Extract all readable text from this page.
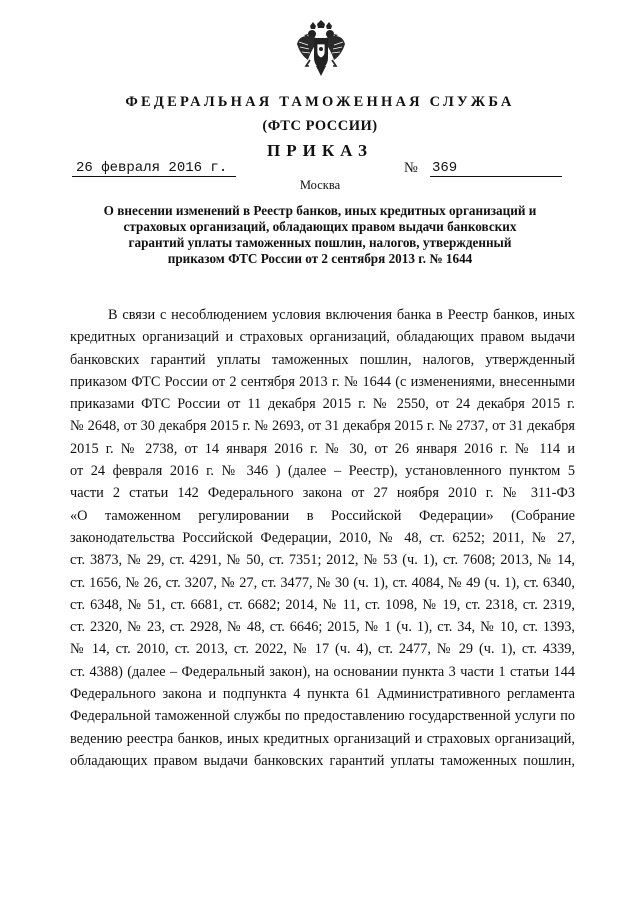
ФЕДЕРАЛЬНАЯ ТАМОЖЕННАЯ СЛУЖБА
(ФТС РОССИИ)
ПРИКАЗ
26 февраля 2016 г.	№ 369
Москва
О внесении изменений в Реестр банков, иных кредитных организаций и страховых организаций, обладающих правом выдачи банковских гарантий уплаты таможенных пошлин, налогов, утвержденный приказом ФТС России от 2 сентября 2013 г. № 1644
В связи с несоблюдением условия включения банка в Реестр банков, иных
кредитных организаций и страховых организаций, обладающих правом выдачи
банковских гарантий уплаты таможенных пошлин, налогов, утвержденный
приказом ФТС России от 2 сентября 2013 г. № 1644 (с изменениями, внесенными
приказами ФТС России от 11 декабря 2015 г. № 2550, от 24 декабря 2015 г.
№ 2648, от 30 декабря 2015 г. № 2693, от 31 декабря 2015 г. № 2737, от 31 декабря
2015 г. № 2738, от 14 января 2016 г. № 30, от 26 января 2016 г. № 114 и
от 24 февраля 2016 г. № 346 ) (далее – Реестр), установленного пунктом 5
части 2 статьи 142 Федерального закона от 27 ноября 2010 г. № 311-ФЗ
«О таможенном регулировании в Российской Федерации» (Собрание
законодательства Российской Федерации, 2010, № 48, ст. 6252; 2011, № 27,
ст. 3873, № 29, ст. 4291, № 50, ст. 7351; 2012, № 53 (ч. 1), ст. 7608; 2013, № 14,
ст. 1656, № 26, ст. 3207, № 27, ст. 3477, № 30 (ч. 1), ст. 4084, № 49 (ч. 1), ст. 6340,
ст. 6348, № 51, ст. 6681, ст. 6682; 2014, № 11, ст. 1098, № 19, ст. 2318, ст. 2319,
ст. 2320, № 23, ст. 2928, № 48, ст. 6646; 2015, № 1 (ч. 1), ст. 34, № 10, ст. 1393,
№ 14, ст. 2010, ст. 2013, ст. 2022, № 17 (ч. 4), ст. 2477, № 29 (ч. 1), ст. 4339,
ст. 4388) (далее – Федеральный закон), на основании пункта 3 части 1 статьи 144
Федерального закона и подпункта 4 пункта 61 Административного регламента
Федеральной таможенной службы по предоставлению государственной услуги по
ведению реестра банков, иных кредитных организаций и страховых организаций,
обладающих правом выдачи банковских гарантий уплаты таможенных пошлин,
